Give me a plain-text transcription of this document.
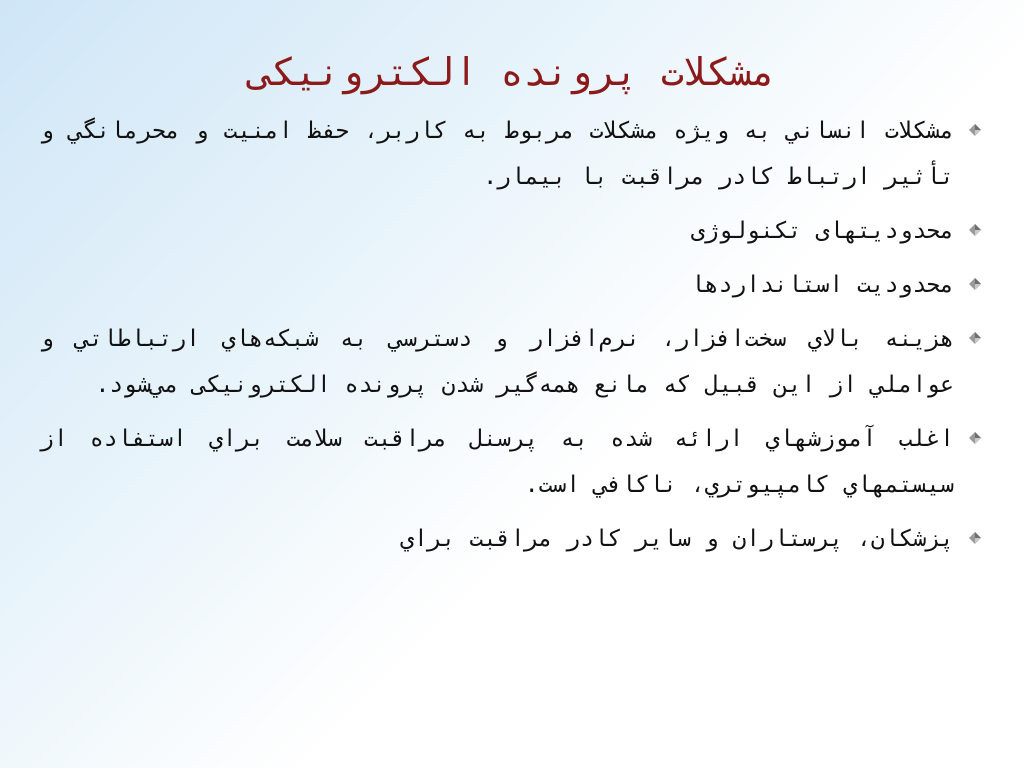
مشکلات پرونده الکترونیکی
مشكلات انساني به ويژه مشكلات مربوط به كاربر، حفظ امنيت و محرمانگي و تأثير ارتباط كادر مراقبت با بيمار.
محدودیتهای تکنولوژی
محدودیت استانداردها
هزينه بالاي سخت‌افزار، نرم‌افزار و دسترسي به شبكه‌هاي ارتباطاتي و عواملي از اين قبيل كه مانع همه‌گير شدن پرونده الکترونیکی مي‌شود.
اغلب آموزشهاي ارائه شده به پرسنل مراقبت سلامت براي استفاده از سيستمهاي كامپيوتري، ناكافي است.
پزشكان، پرستاران و ساير كادر مراقبت براي
